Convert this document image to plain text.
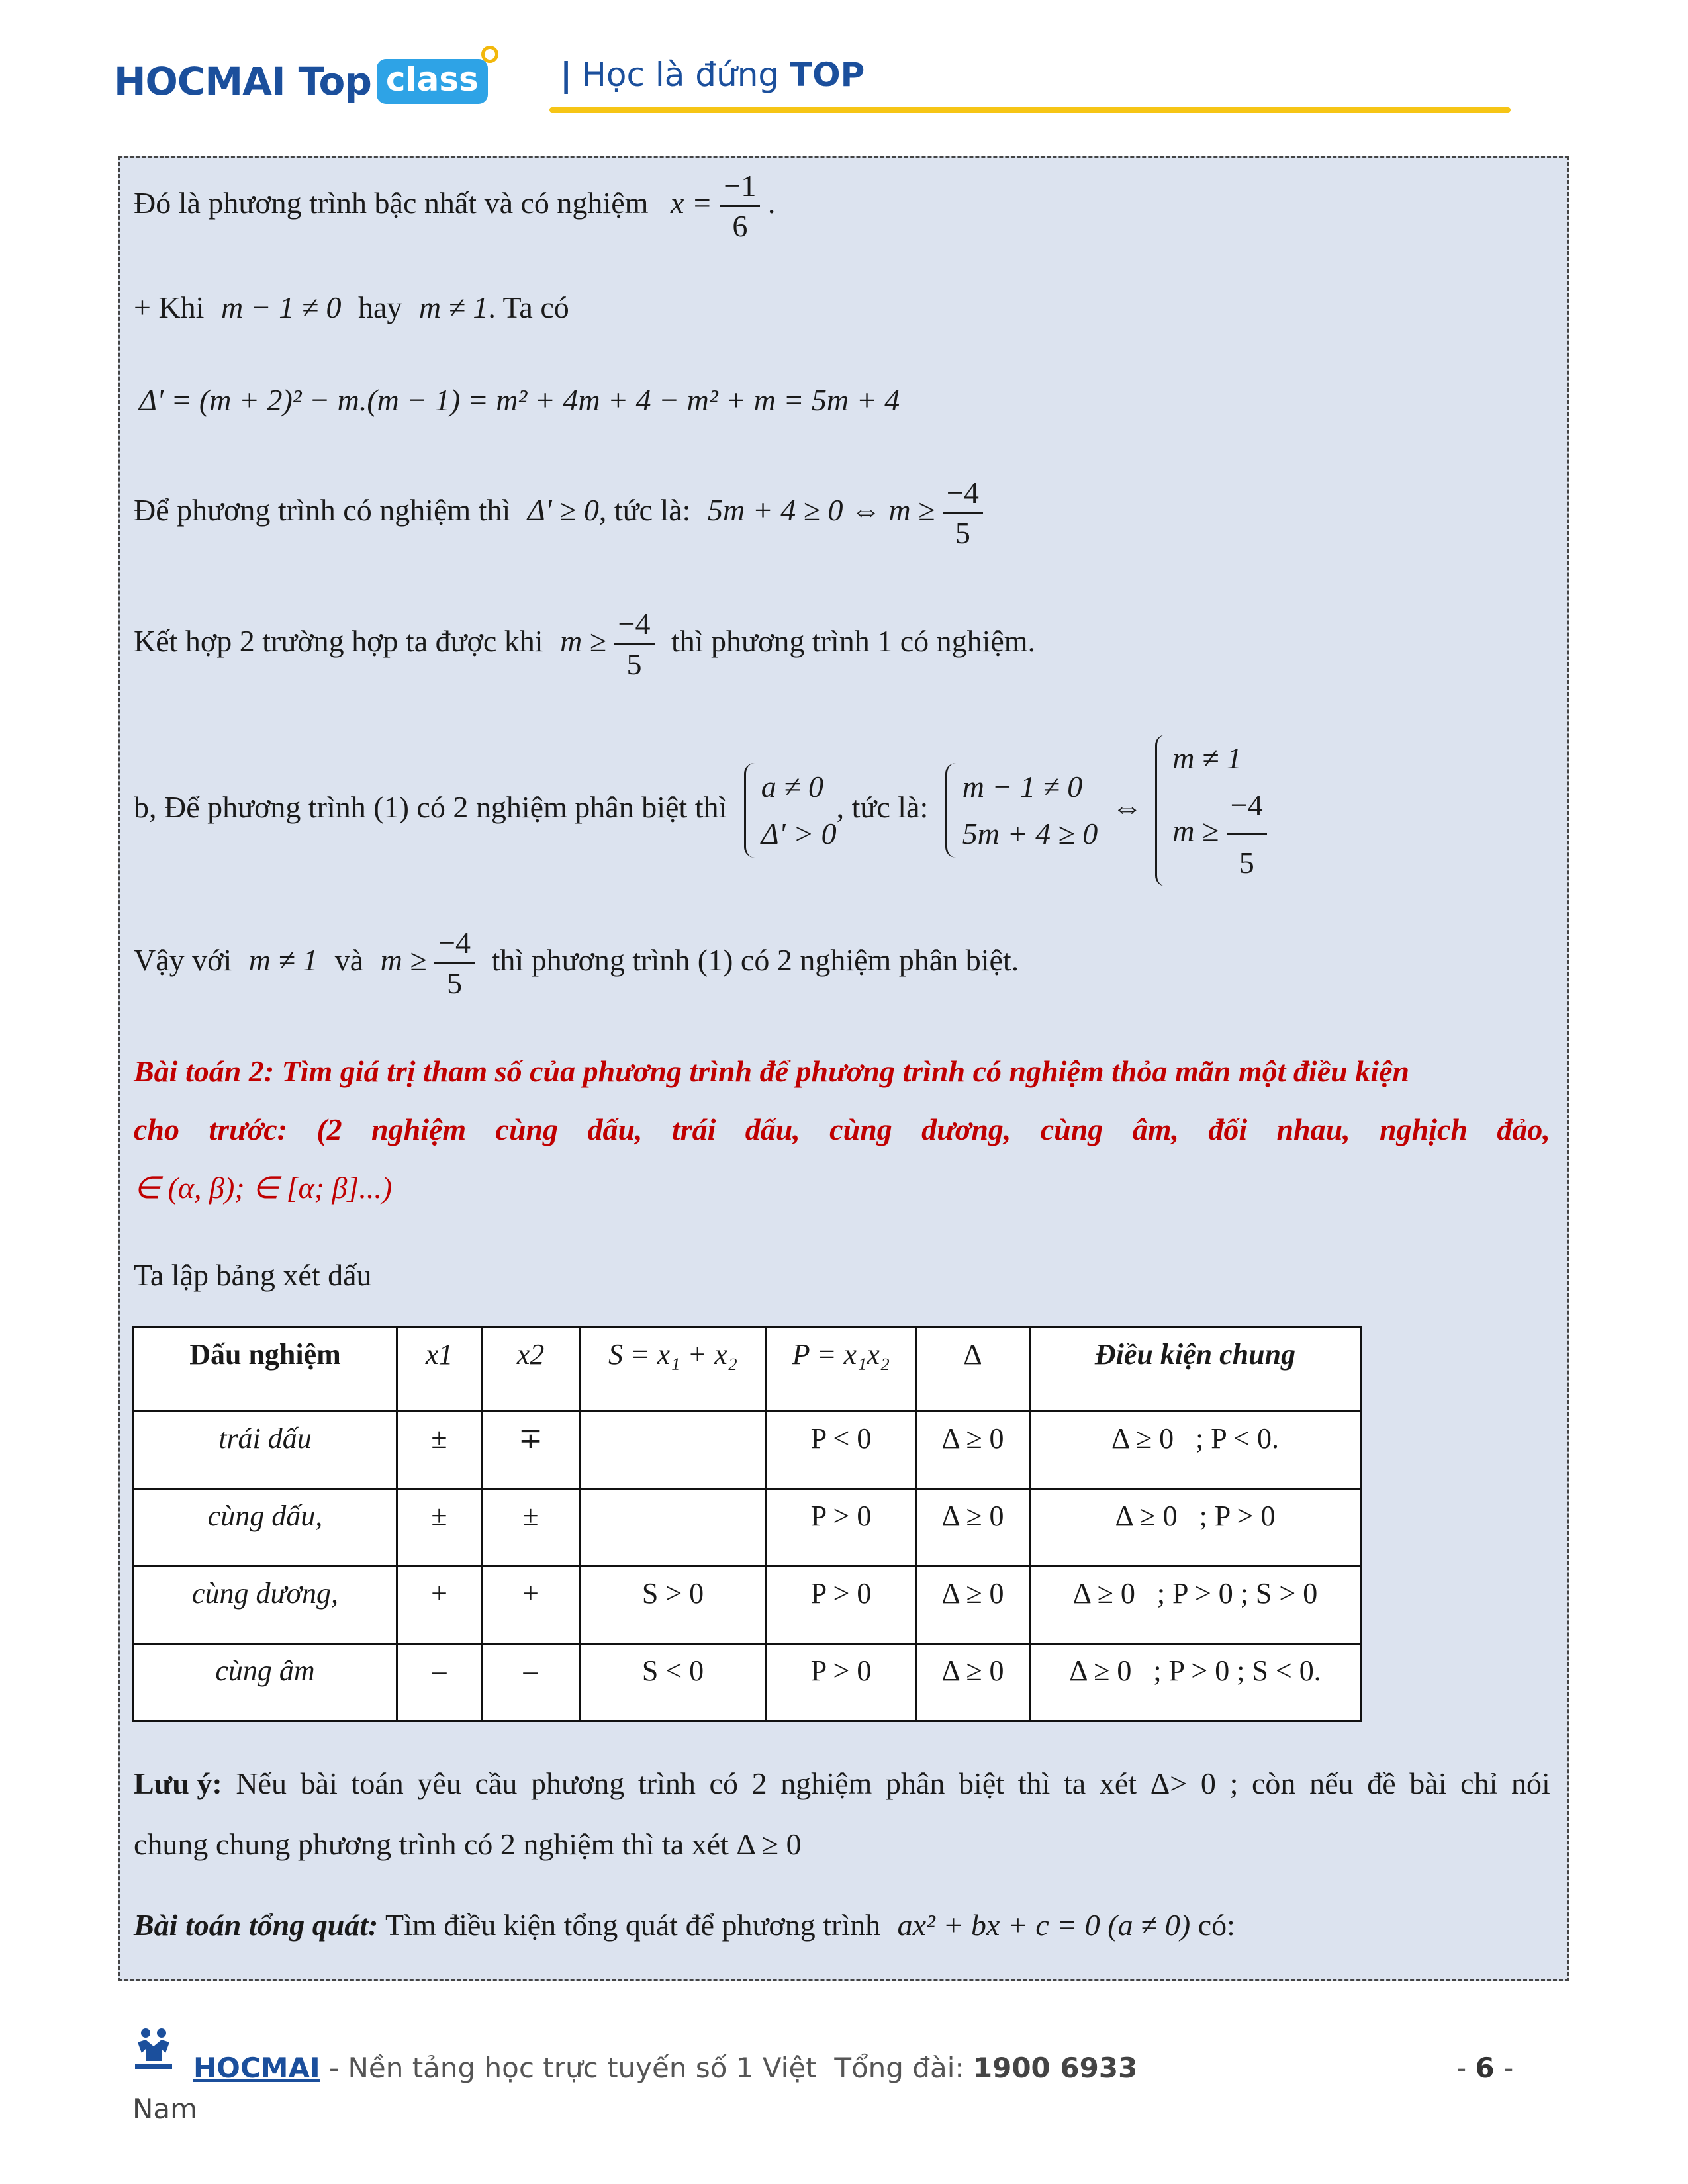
HOCMAI Top class | Học là đứng TOP
Đó là phương trình bậc nhất và có nghiệm $x = \frac{-1}{6}$ .
+ Khi m − 1 ≠ 0 hay m ≠ 1. Ta có
Δ' = (m + 2)² − m.(m − 1) = m² + 4m + 4 − m² + m = 5m + 4
Để phương trình có nghiệm thì Δ' ≥ 0, tức là: 5m + 4 ≥ 0 ⇔ $m \ge \frac{-4}{5}$
Kết hợp 2 trường hợp ta được khi $m \ge \frac{-4}{5}$ thì phương trình 1 có nghiệm.
b, Để phương trình (1) có 2 nghiệm phân biệt thì
a ≠ 0
Δ' > 0
, tức là:
m − 1 ≠ 0
5m + 4 ≥ 0
⇔
m ≠ 1
$m \ge \frac{-4}{5}$
Vậy với m ≠ 1 và $m \ge \frac{-4}{5}$ thì phương trình (1) có 2 nghiệm phân biệt.
Bài toán 2: Tìm giá trị tham số của phương trình để phương trình có nghiệm thỏa mãn một điều kiện
cho trước: (2 nghiệm cùng dấu, trái dấu, cùng dương, cùng âm, đối nhau, nghịch đảo,
∈ (α, β); ∈ [α; β]...)
Ta lập bảng xét dấu
Dấu nghiệm	x1	x2	S = x₁ + x₂	P = x₁x₂	Δ	Điều kiện chung
trái dấu	±	∓		P < 0	Δ ≥ 0	Δ ≥ 0   ; P < 0.
cùng dấu,	±	±		P > 0	Δ ≥ 0	Δ ≥ 0   ; P > 0
cùng dương,	+	+	S > 0	P > 0	Δ ≥ 0	Δ ≥ 0   ; P > 0 ; S > 0
cùng âm	–	–	S < 0	P > 0	Δ ≥ 0	Δ ≥ 0   ; P > 0 ; S < 0.
Lưu ý: Nếu bài toán yêu cầu phương trình có 2 nghiệm phân biệt thì ta xét Δ> 0 ; còn nếu đề bài chỉ nói
chung chung phương trình có 2 nghiệm thì ta xét Δ ≥ 0
Bài toán tổng quát: Tìm điều kiện tổng quát để phương trình ax² + bx + c = 0 (a ≠ 0) có:
HOCMAI - Nền tảng học trực tuyến số 1 Việt  Tổng đài: 1900 6933	- 6 -
Nam
